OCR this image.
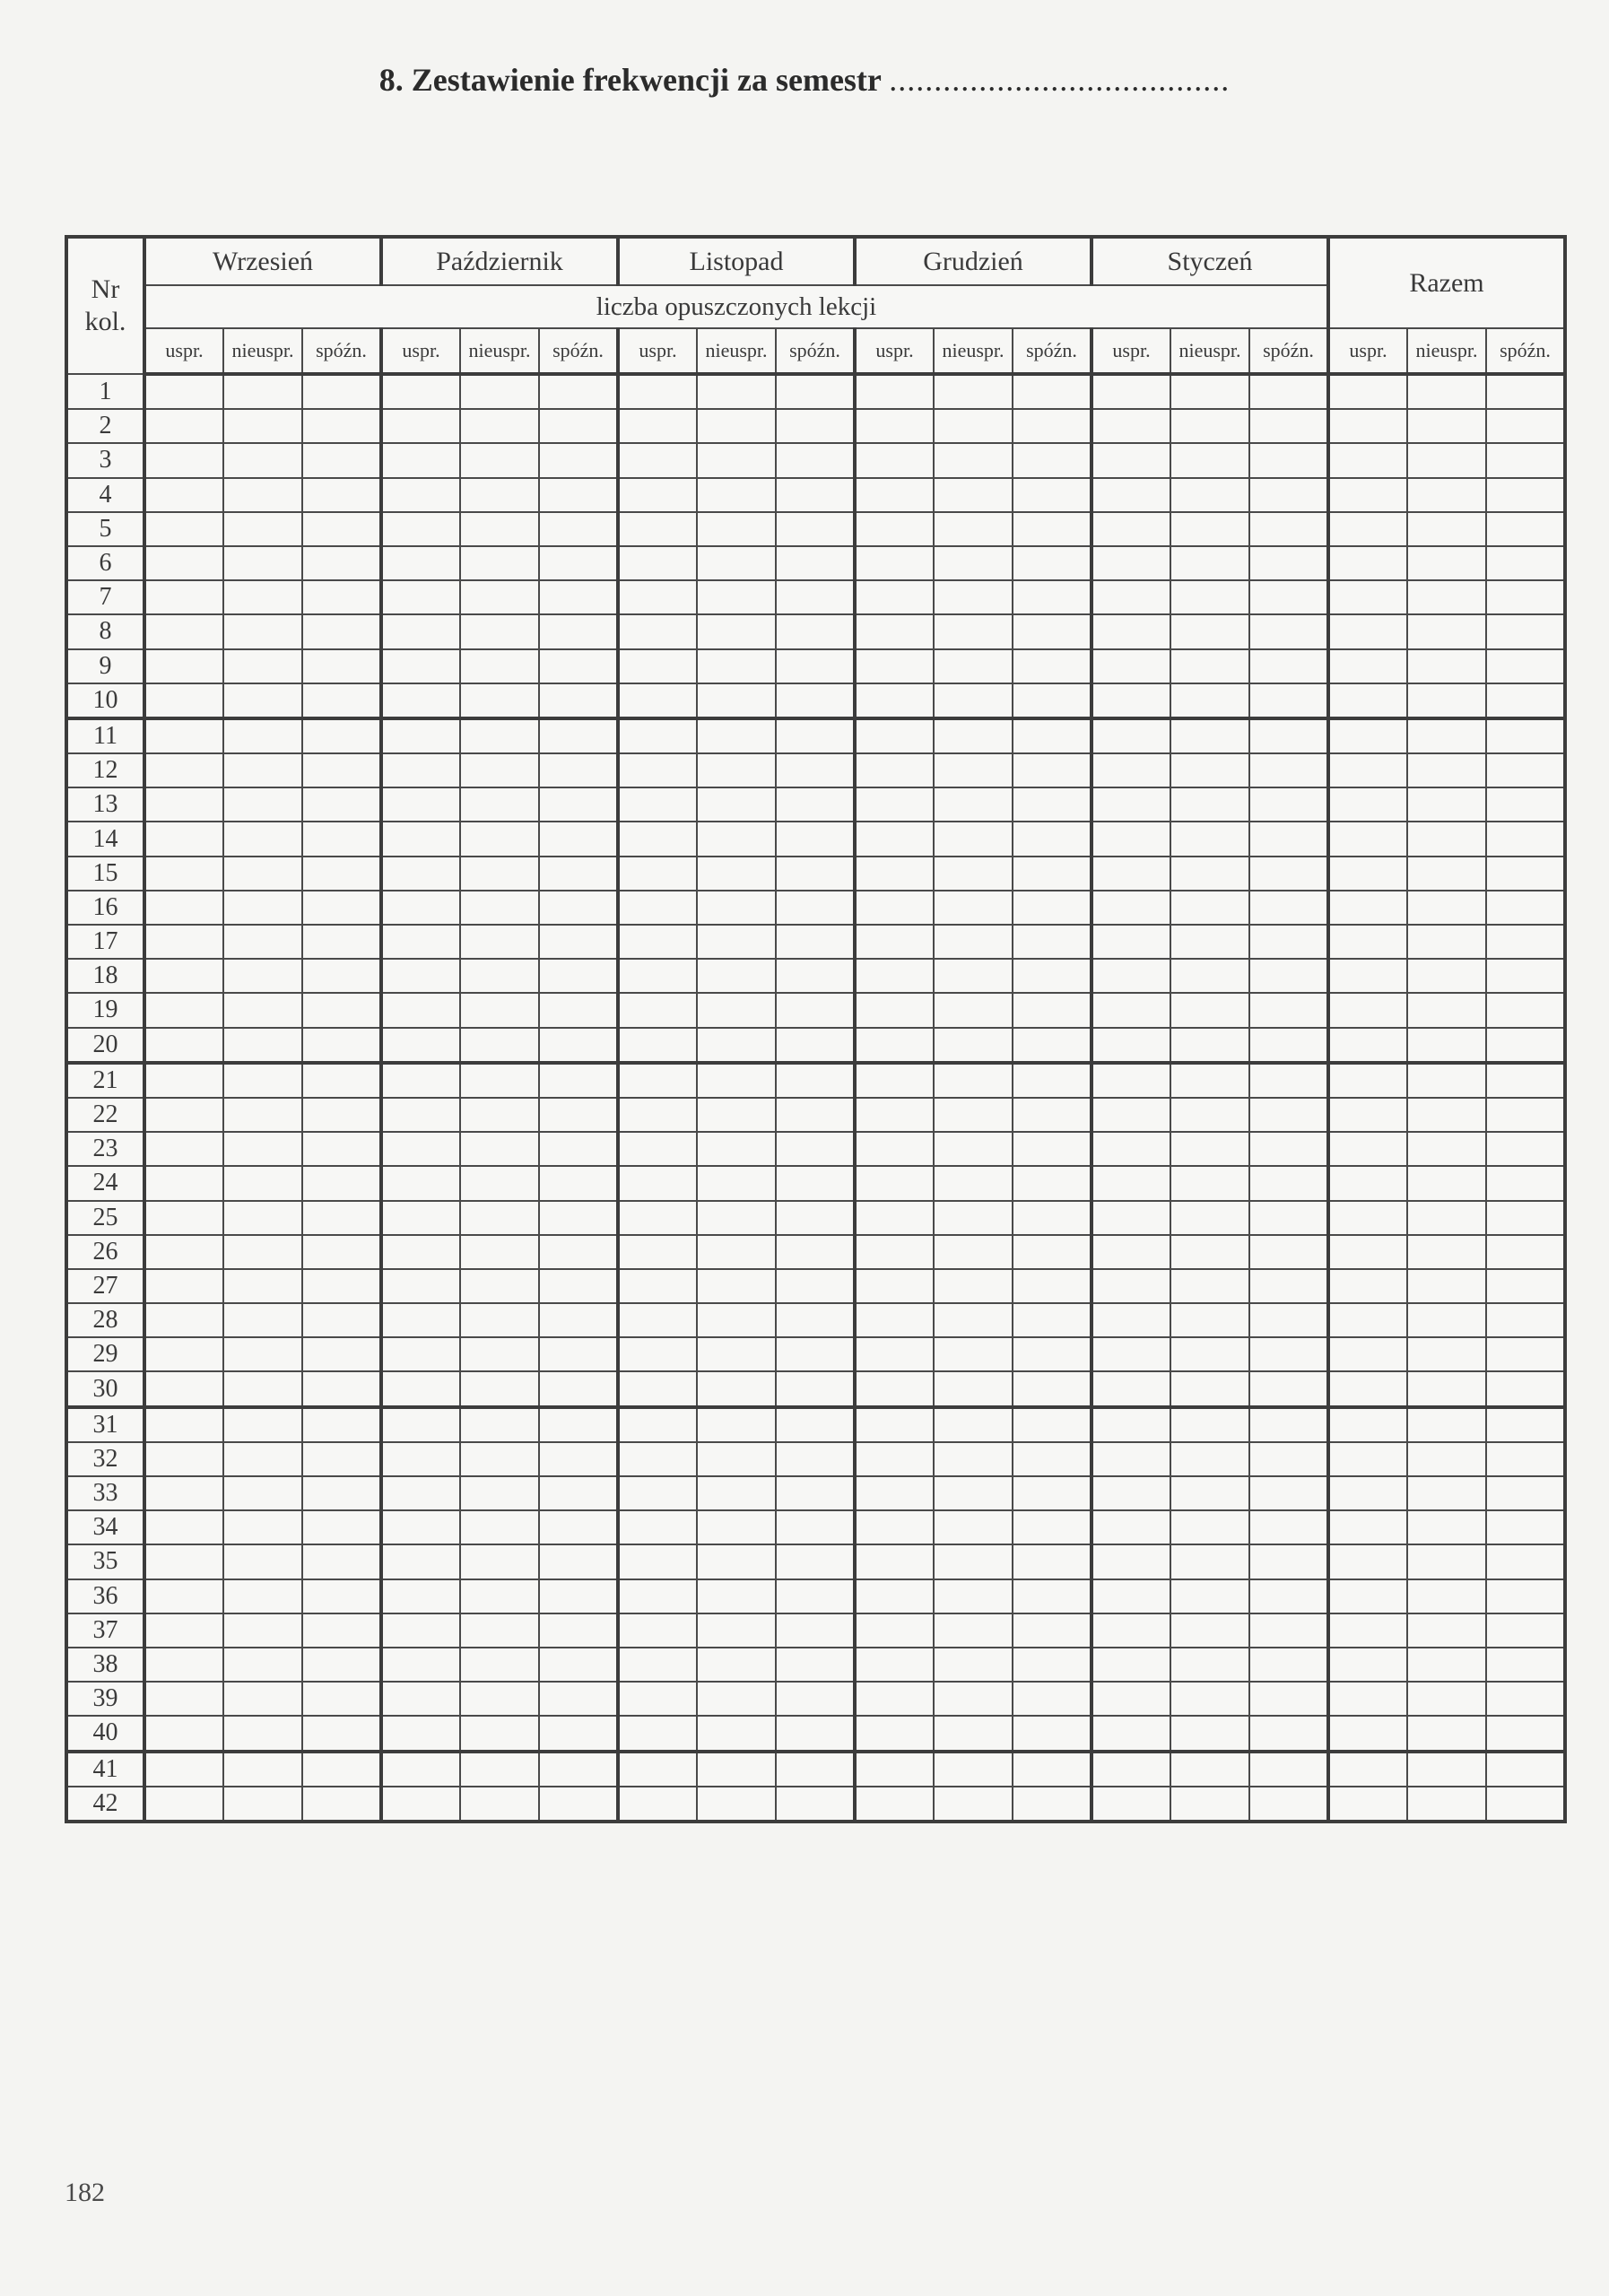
8. Zestawienie frekwencji za semestr ......................................
Nr
kol.	Wrzesień			Październik			Listopad			Grudzień			Styczeń			Razem		
	liczba opuszczonych lekcji																	
	uspr.	nieuspr.	spóźn.	uspr.	nieuspr.	spóźn.	uspr.	nieuspr.	spóźn.	uspr.	nieuspr.	spóźn.	uspr.	nieuspr.	spóźn.	uspr.	nieuspr.	spóźn.
1																		
2																		
3																		
4																		
5																		
6																		
7																		
8																		
9																		
10																		
11																		
12																		
13																		
14																		
15																		
16																		
17																		
18																		
19																		
20																		
21																		
22																		
23																		
24																		
25																		
26																		
27																		
28																		
29																		
30																		
31																		
32																		
33																		
34																		
35																		
36																		
37																		
38																		
39																		
40																		
41																		
42																		
182
